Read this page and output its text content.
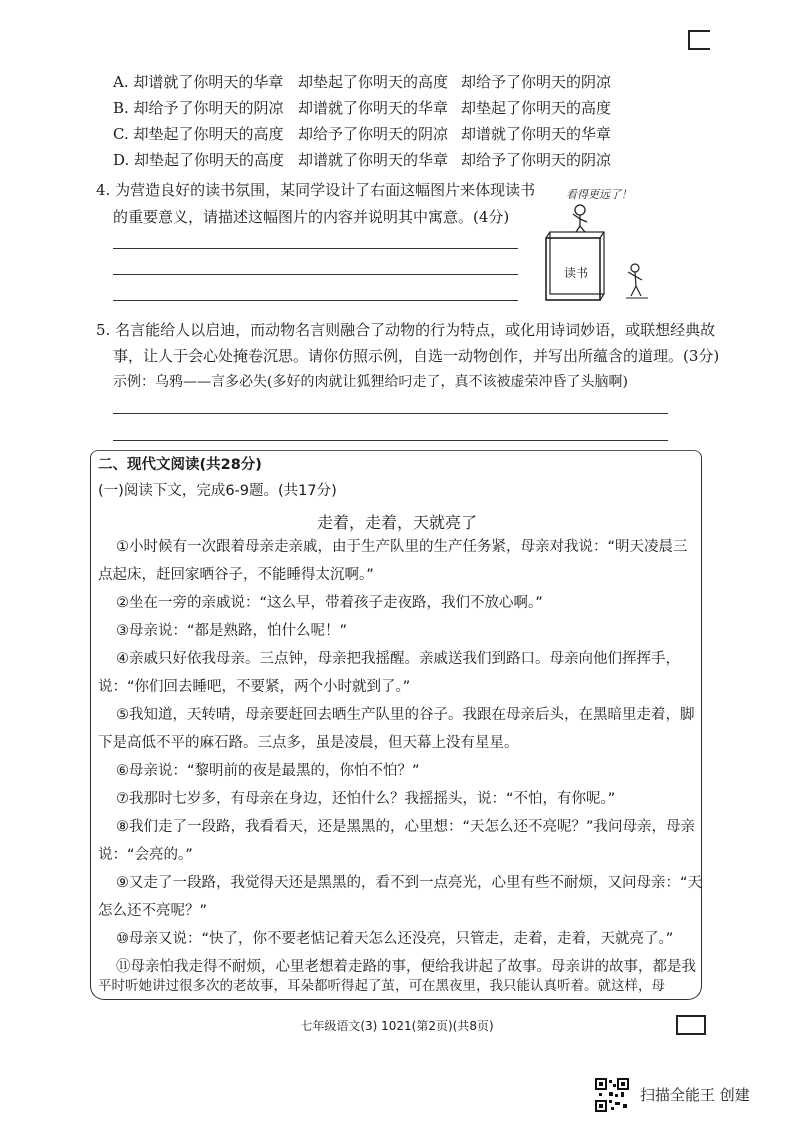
A. 却谱就了你明天的华章 却垫起了你明天的高度 却给予了你明天的阴凉
B. 却给予了你明天的阴凉 却谱就了你明天的华章 却垫起了你明天的高度
C. 却垫起了你明天的高度 却给予了你明天的阴凉 却谱就了你明天的华章
D. 却垫起了你明天的高度 却谱就了你明天的华章 却给予了你明天的阴凉
4. 为营造良好的读书氛围，某同学设计了右面这幅图片来体现读书
的重要意义，请描述这幅图片的内容并说明其中寓意。(4分)
看得更远了！
读书
5. 名言能给人以启迪，而动物名言则融合了动物的行为特点，或化用诗词妙语，或联想经典故
事，让人于会心处掩卷沉思。请你仿照示例，自选一动物创作，并写出所蕴含的道理。(3分)
示例：乌鸦——言多必失(多好的肉就让狐狸给叼走了，真不该被虚荣冲昏了头脑啊)
二、现代文阅读(共28分)
(一)阅读下文，完成6-9题。(共17分)
走着，走着，天就亮了
①小时候有一次跟着母亲走亲戚，由于生产队里的生产任务紧，母亲对我说：“明天凌晨三
点起床，赶回家晒谷子，不能睡得太沉啊。”
②坐在一旁的亲戚说：“这么早，带着孩子走夜路，我们不放心啊。”
③母亲说：“都是熟路，怕什么呢！”
④亲戚只好依我母亲。三点钟，母亲把我摇醒。亲戚送我们到路口。母亲向他们挥挥手，
说：“你们回去睡吧，不要紧，两个小时就到了。”
⑤我知道，天转晴，母亲要赶回去晒生产队里的谷子。我跟在母亲后头，在黑暗里走着，脚
下是高低不平的麻石路。三点多，虽是凌晨，但天幕上没有星星。
⑥母亲说：“黎明前的夜是最黑的，你怕不怕？”
⑦我那时七岁多，有母亲在身边，还怕什么？我摇摇头，说：“不怕，有你呢。”
⑧我们走了一段路，我看看天，还是黑黑的，心里想：“天怎么还不亮呢？”我问母亲，母亲
说：“会亮的。”
⑨又走了一段路，我觉得天还是黑黑的，看不到一点亮光，心里有些不耐烦，又问母亲：“天
怎么还不亮呢？”
⑩母亲又说：“快了，你不要老惦记着天怎么还没亮，只管走，走着，走着，天就亮了。”
⑪母亲怕我走得不耐烦，心里老想着走路的事，便给我讲起了故事。母亲讲的故事，都是我
平时听她讲过很多次的老故事，耳朵都听得起了茧，可在黑夜里，我只能认真听着。就这样，母
七年级语文(3) 1021(第2页)(共8页)
扫描全能王 创建
